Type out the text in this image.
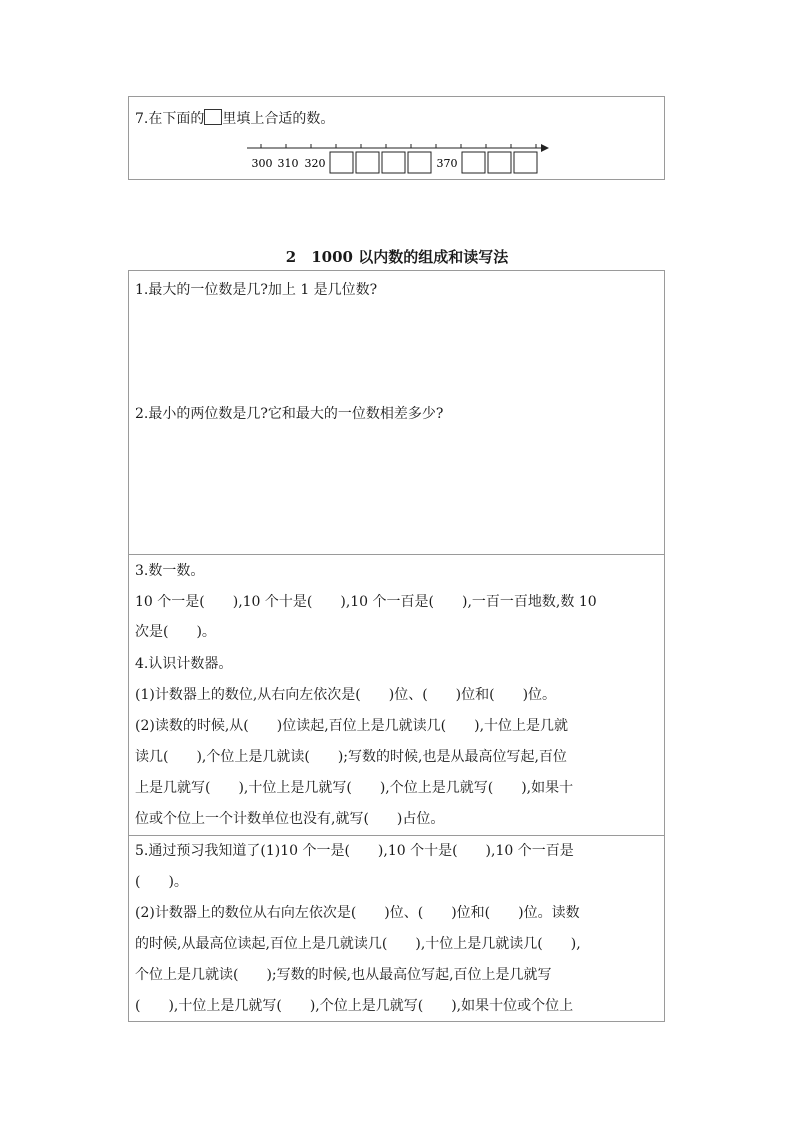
7.在下面的 里填上合适的数。
300 310 320	370
2　1000 以内数的组成和读写法
1.最大的一位数是几?加上 1 是几位数?
2.最小的两位数是几?它和最大的一位数相差多少?
3.数一数。
10 个一是(　　),10 个十是(　　),10 个一百是(　　),一百一百地数,数 10
次是(　　)。
4.认识计数器。
(1)计数器上的数位,从右向左依次是(　　)位、(　　)位和(　　)位。
(2)读数的时候,从(　　)位读起,百位上是几就读几(　　),十位上是几就
读几(　　),个位上是几就读(　　);写数的时候,也是从最高位写起,百位
上是几就写(　　),十位上是几就写(　　),个位上是几就写(　　),如果十
位或个位上一个计数单位也没有,就写(　　)占位。
5.通过预习我知道了(1)10 个一是(　　),10 个十是(　　),10 个一百是
(　　)。
(2)计数器上的数位从右向左依次是(　　)位、(　　)位和(　　)位。读数
的时候,从最高位读起,百位上是几就读几(　　),十位上是几就读几(　　),
个位上是几就读(　　);写数的时候,也从最高位写起,百位上是几就写
(　　),十位上是几就写(　　),个位上是几就写(　　),如果十位或个位上
